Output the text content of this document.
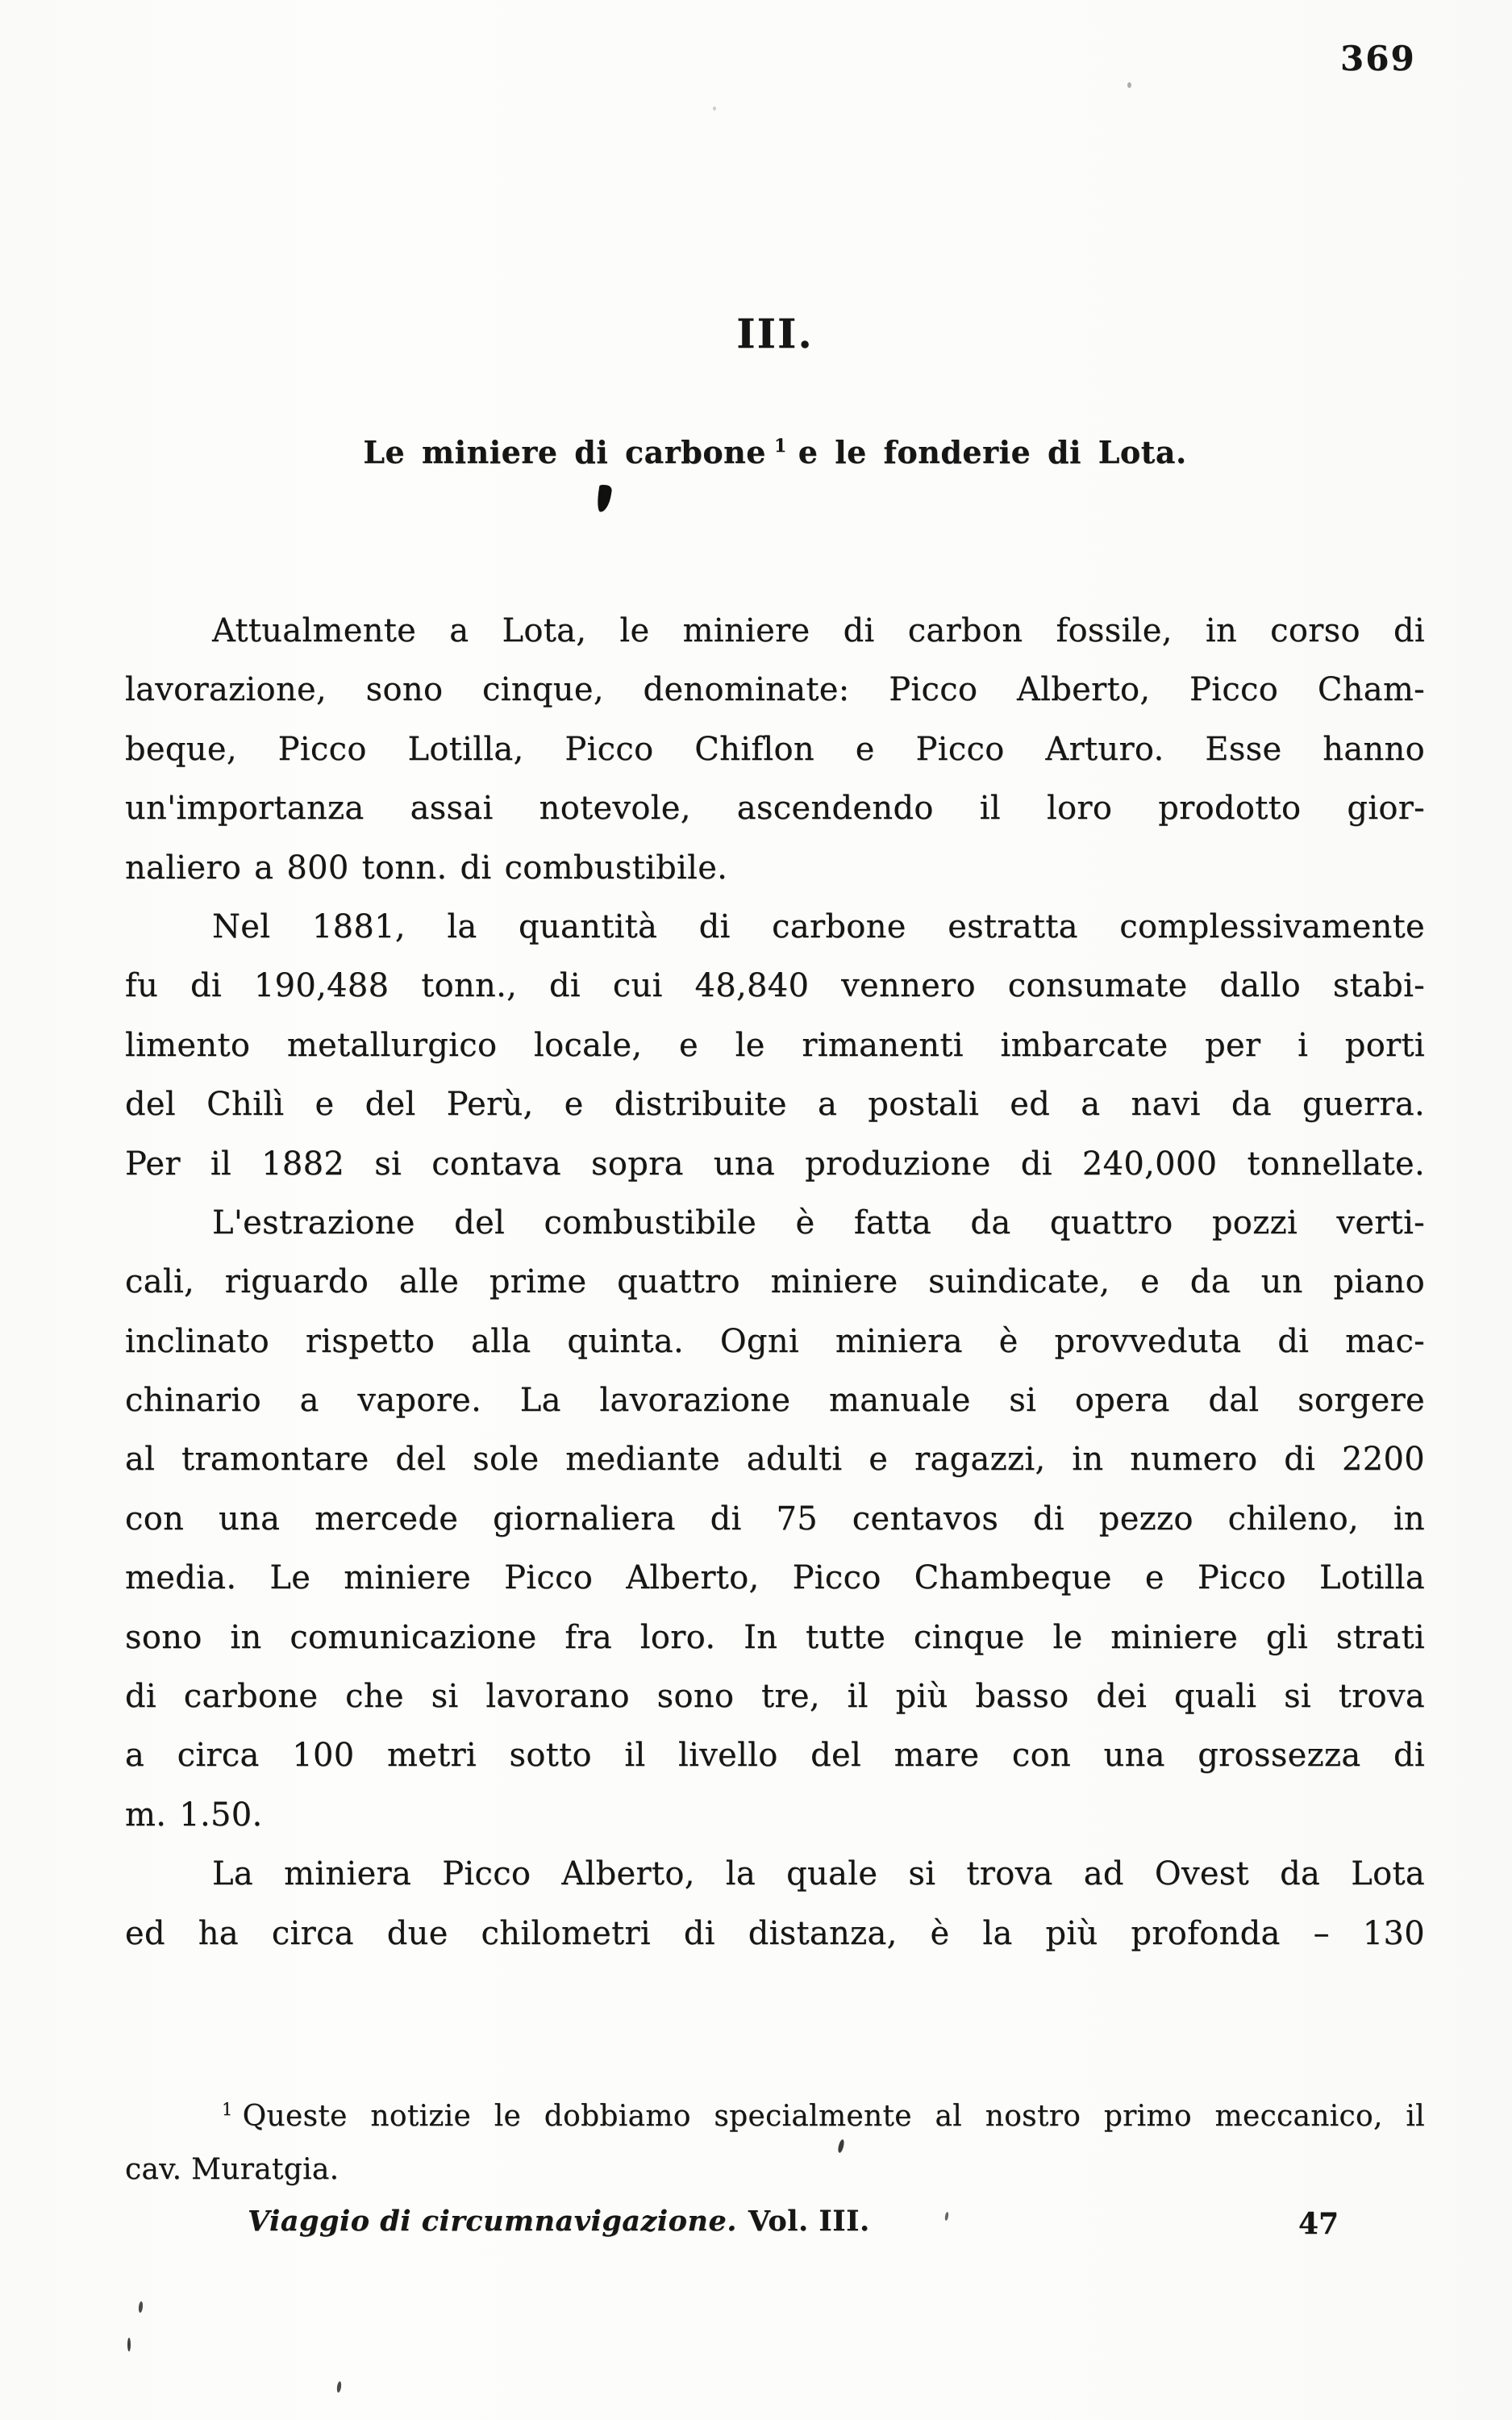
369
III.
Le miniere di carbone $^1$ e le fonderie di Lota.
Attualmente a Lota, le miniere di carbon fossile, in corso di
lavorazione, sono cinque, denominate: Picco Alberto, Picco Cham-
beque, Picco Lotilla, Picco Chiflon e Picco Arturo. Esse hanno
un'importanza assai notevole, ascendendo il loro prodotto gior-
naliero a 800 tonn. di combustibile.
Nel 1881, la quantità di carbone estratta complessivamente
fu di 190,488 tonn., di cui 48,840 vennero consumate dallo stabi-
limento metallurgico locale, e le rimanenti imbarcate per i porti
del Chilì e del Perù, e distribuite a postali ed a navi da guerra.
Per il 1882 si contava sopra una produzione di 240,000 tonnellate.
L'estrazione del combustibile è fatta da quattro pozzi verti-
cali, riguardo alle prime quattro miniere suindicate, e da un piano
inclinato rispetto alla quinta. Ogni miniera è provveduta di mac-
chinario a vapore. La lavorazione manuale si opera dal sorgere
al tramontare del sole mediante adulti e ragazzi, in numero di 2200
con una mercede giornaliera di 75 centavos di pezzo chileno, in
media. Le miniere Picco Alberto, Picco Chambeque e Picco Lotilla
sono in comunicazione fra loro. In tutte cinque le miniere gli strati
di carbone che si lavorano sono tre, il più basso dei quali si trova
a circa 100 metri sotto il livello del mare con una grossezza di
m. 1.50.
La miniera Picco Alberto, la quale si trova ad Ovest da Lota
ed ha circa due chilometri di distanza, è la più profonda – 130
$^1$ Queste notizie le dobbiamo specialmente al nostro primo meccanico, il
cav. Muratgia.
Viaggio di circumnavigazione. Vol. III.	47
